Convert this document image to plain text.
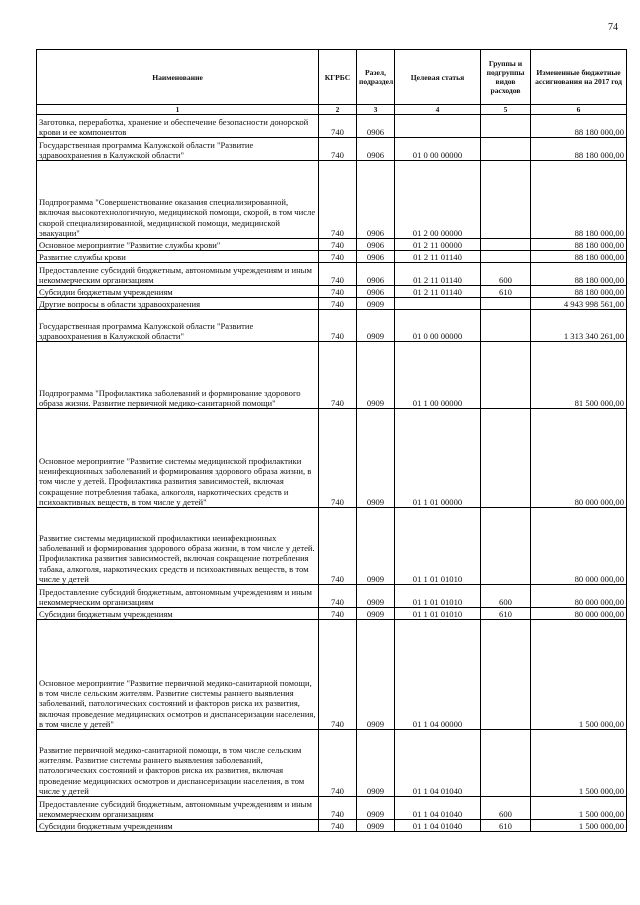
74
Наименование	КГРБС	Разел, подраздел	Целевая статья	Группы и подгруппы видов расходов	Измененные бюджетные ассигнования на 2017 год
1	2	3	4	5	6
Заготовка, переработка, хранение и обеспечение безопасности донорской крови и ее компонентов	740	0906			88 180 000,00
Государственная программа Калужской области "Развитие здравоохранения в Калужской области"	740	0906	01 0 00 00000		88 180 000,00
Подпрограмма "Совершенствование оказания специализированной, включая высокотехнологичную, медицинской помощи, скорой, в том числе скорой специализированной, медицинской помощи, медицинской эвакуации"	740	0906	01 2 00 00000		88 180 000,00
Основное мероприятие "Развитие службы крови"	740	0906	01 2 11 00000		88 180 000,00
Развитие службы крови	740	0906	01 2 11 01140		88 180 000,00
Предоставление субсидий бюджетным, автономным учреждениям и иным некоммерческим организациям	740	0906	01 2 11 01140	600	88 180 000,00
Субсидии бюджетным учреждениям	740	0906	01 2 11 01140	610	88 180 000,00
Другие вопросы в области здравоохранения	740	0909			4 943 998 561,00
Государственная программа Калужской области "Развитие здравоохранения в Калужской области"	740	0909	01 0 00 00000		1 313 340 261,00
Подпрограмма "Профилактика заболеваний и формирование здорового образа жизни. Развитие первичной медико-санитарной помощи"	740	0909	01 1 00 00000		81 500 000,00
Основное мероприятие "Развитие системы медицинской профилактики неинфекционных заболеваний и формирования здорового образа жизни, в том числе у детей. Профилактика развития зависимостей, включая сокращение потребления табака, алкоголя, наркотических средств и психоактивных веществ, в том числе у детей"	740	0909	01 1 01 00000		80 000 000,00
Развитие системы медицинской профилактики неинфекционных заболеваний и формирования здорового образа жизни, в том числе у детей. Профилактика развития зависимостей, включая сокращение потребления табака, алкоголя, наркотических средств и психоактивных веществ, в том числе у детей	740	0909	01 1 01 01010		80 000 000,00
Предоставление субсидий бюджетным, автономным учреждениям и иным некоммерческим организациям	740	0909	01 1 01 01010	600	80 000 000,00
Субсидии бюджетным учреждениям	740	0909	01 1 01 01010	610	80 000 000,00
Основное мероприятие "Развитие первичной медико-санитарной помощи, в том числе сельским жителям. Развитие системы раннего выявления заболеваний, патологических состояний и факторов риска их развития, включая проведение медицинских осмотров и диспансеризации населения, в том числе у детей"	740	0909	01 1 04 00000		1 500 000,00
Развитие первичной медико-санитарной помощи, в том числе сельским жителям. Развитие системы раннего выявления заболеваний, патологических состояний и факторов риска их развития, включая проведение медицинских осмотров и диспансеризации населения, в том числе у детей	740	0909	01 1 04 01040		1 500 000,00
Предоставление субсидий бюджетным, автономным учреждениям и иным некоммерческим организациям	740	0909	01 1 04 01040	600	1 500 000,00
Субсидии бюджетным учреждениям	740	0909	01 1 04 01040	610	1 500 000,00
